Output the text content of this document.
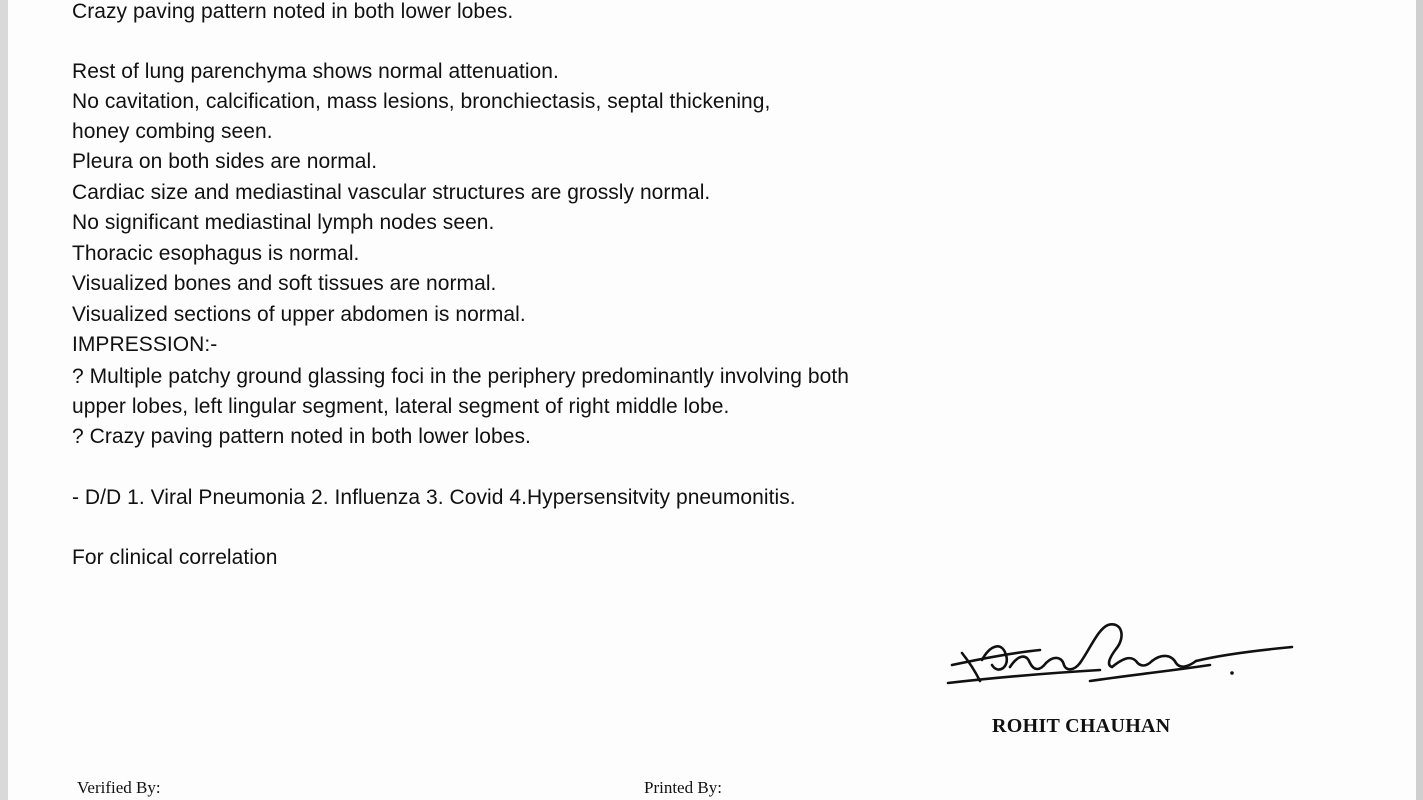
Crazy paving pattern noted in both lower lobes.
Rest of lung parenchyma shows normal attenuation.
No cavitation, calcification, mass lesions, bronchiectasis, septal thickening,
honey combing seen.
Pleura on both sides are normal.
Cardiac size and mediastinal vascular structures are grossly normal.
No significant mediastinal lymph nodes seen.
Thoracic esophagus is normal.
Visualized bones and soft tissues are normal.
Visualized sections of upper abdomen is normal.
IMPRESSION:-
? Multiple patchy ground glassing foci in the periphery predominantly involving both
upper lobes, left lingular segment, lateral segment of right middle lobe.
? Crazy paving pattern noted in both lower lobes.
- D/D 1. Viral Pneumonia 2. Influenza 3. Covid 4.Hypersensitvity pneumonitis.
For clinical correlation
ROHIT CHAUHAN
Verified By:	Printed By:
